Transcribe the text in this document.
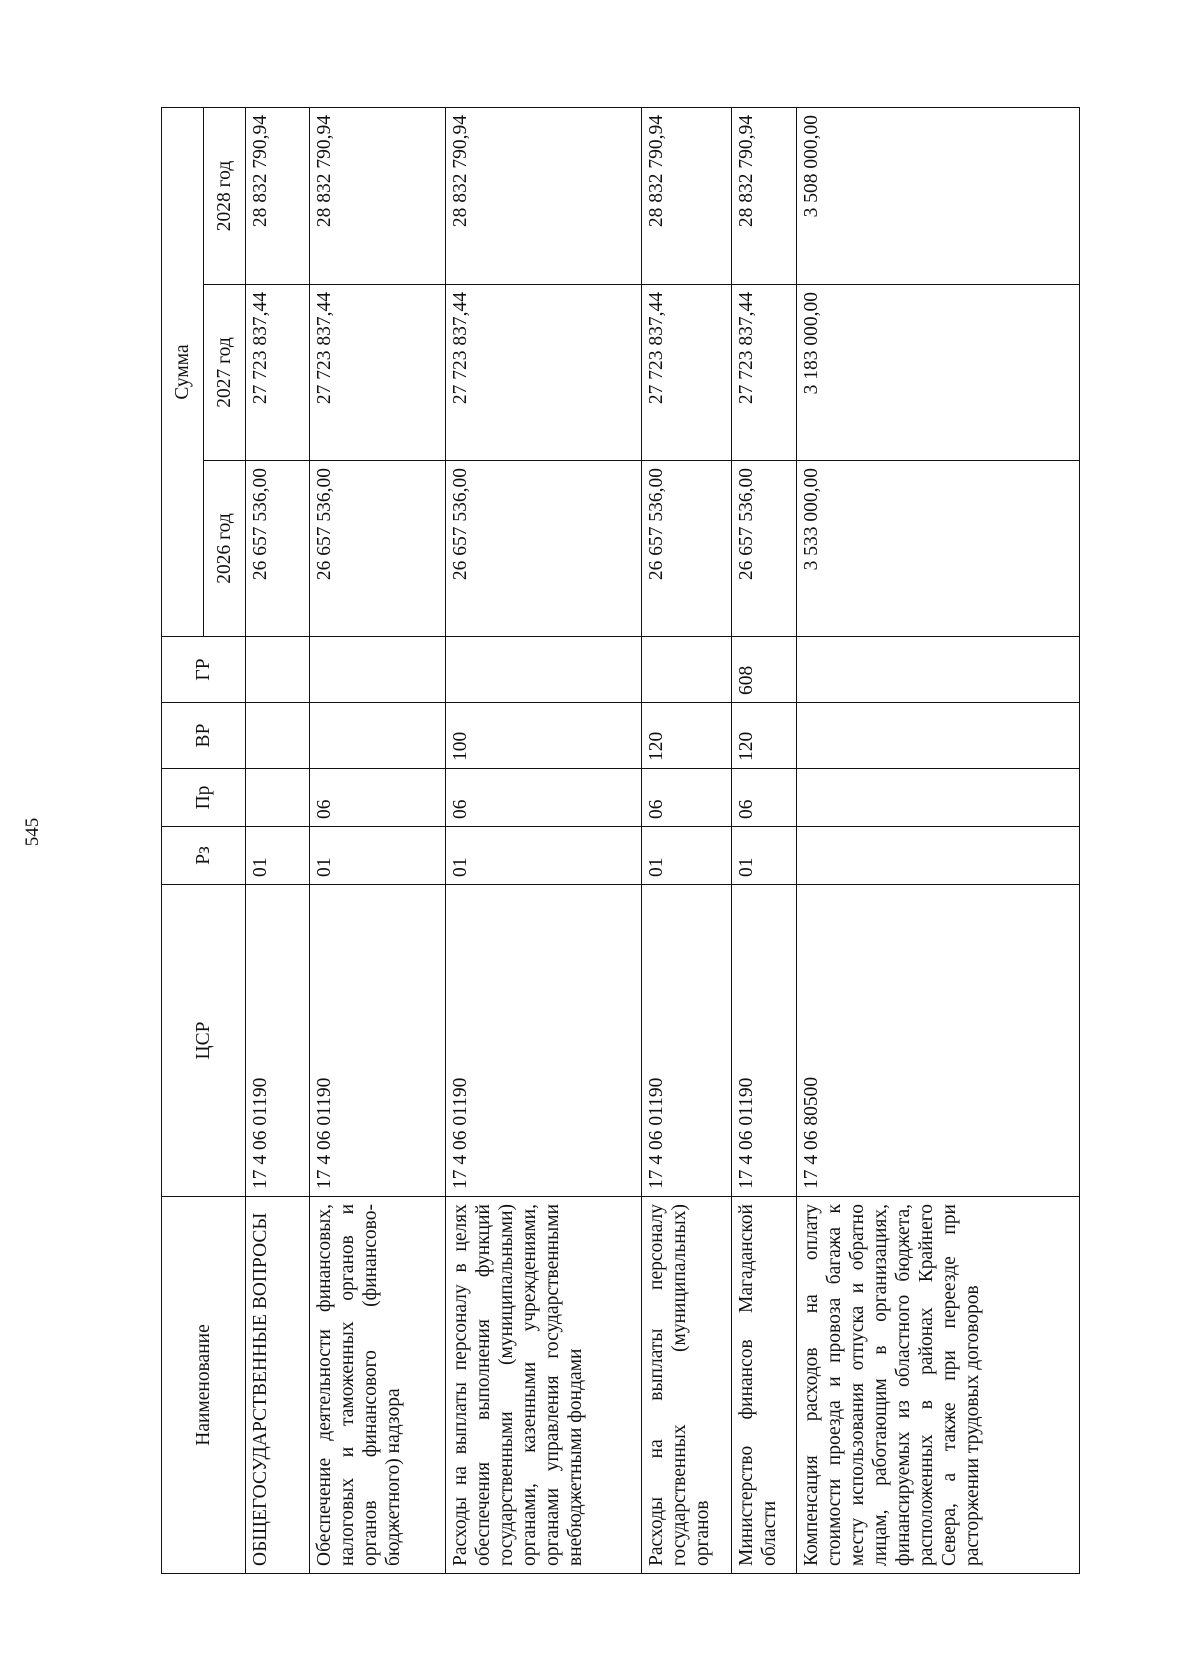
545
Наименование	ЦСР	Рз	Пр	ВР	ГР	Сумма		
						2026 год	2027 год	2028 год
ОБЩЕГОСУДАРСТВЕННЫЕ ВОПРОСЫ	17 4 06 01190	01				26 657 536,00	27 723 837,44	28 832 790,94
Обеспечение деятельности финансовых, налоговых и таможенных органов и органов финансового (финансово-бюджетного) надзора	17 4 06 01190	01	06			26 657 536,00	27 723 837,44	28 832 790,94
Расходы на выплаты персоналу в целях обеспечения выполнения функций государственными (муниципальными) органами, казенными учреждениями, органами управления государственными внебюджетными фондами	17 4 06 01190	01	06	100		26 657 536,00	27 723 837,44	28 832 790,94
Расходы на выплаты персоналу государственных (муниципальных) органов	17 4 06 01190	01	06	120		26 657 536,00	27 723 837,44	28 832 790,94
Министерство финансов Магаданской области	17 4 06 01190	01	06	120	608	26 657 536,00	27 723 837,44	28 832 790,94
Компенсация расходов на оплату стоимости проезда и провоза багажа к месту использования отпуска и обратно лицам, работающим в организациях, финансируемых из областного бюджета, расположенных в районах Крайнего Севера, а также при переезде при расторжении трудовых договоров	17 4 06 80500					3 533 000,00	3 183 000,00	3 508 000,00
